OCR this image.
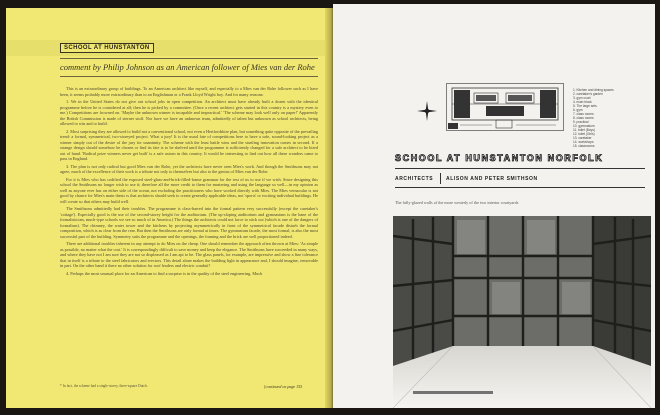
SCHOOL AT HUNSTANTON
comment by Philip Johnson as an American follower of Mies van der Rohe

This is an extraordinary group of buildings. To an American architect like myself, and especially to a Mies van der Rohe follower such as I have been, it seems probably more extraordinary than to an Englishman or a Frank Lloyd Wright boy. And for many reasons:

1. We in the United States do not give out school jobs in open competition. An architect must have already built a dozen with the identical programme before he is considered at all; then he is picked by a committee. (Once a recent architect gets started in this country is a mystery even to me.) Competitions are frowned on. 'Maybe the unknown winner is incapable and impractical.' 'The scheme may look well only on paper!' Apparently the British Commission is made of sterner stuff. Nor have we have an unknown team, admittedly of talent but unknown as school architects, being allowed to win and to build.

2. Most surprising they are allowed to build not a conventional school, not even a Hertfordshire plan, but something quite opposite of the prevailing trend: a formal, symmetrical, two-storeyed project. What a jury! It is the usual fate of competitions here to have a safe, sound-looking project as a winner simply out of the desire of the jury for unanimity. The scheme with the least battle wins and the startling innovation comes in second. If a strange design should somehow be chosen or find its fate is to be shelved until the programme is sufficiently changed for a safe architect to be hired out of hand. 'Radical prize winners never get built' is a safe axiom in this country. It would be interesting to find out how all these wonders came to pass in England.

3. The plan is not only radical but good Mies van der Rohe, yet the architects have never seen Mies's work. And though the Smithsons may not agree, much of the excellence of their work is a tribute not only to themselves but also to the genius of Mies van der Rohe.

For it is Mies who has codified the exposed steel-glass-and-brick-filled-frame grammar for the rest of us to use if we wish. Since designing this school the Smithsons no longer wish to use it; therefore all the more credit to them for mastering and using the language so well—in my opinion as well as anyone ever has on either side of the ocean, not excluding the practitioners who have worked directly with Mies. The Mies vernacular is not good by chance for Mies's main thesis is that architects should seek to create generally applicable ideas, not 'sports' or exciting individual buildings. He will create so that others may build well.

The Smithsons admittedly had their troubles. The programme is class-barred into the formal pattern very successfully (except the caretaker's 'cottage'). Especially good is the use of the second-storey height for the auditorium. (The up-sloping auditorium and gymnasium is the bane of the formalistician, much-type schools we see so much of in America.) The things the architects could not force to stick out (which is one of the dangers of formalism). The chimney, the water tower and the kitchens by projecting asymmetrically in front of the symmetrical facade disturb the formal composition, which is as clear from the rear. But then the Smithsons are only formal at times. The gymnasium facade, the most formal, is also the most successful part of the building. Symmetry suits the programme and the openings, the framing and the brick are well proportioned indeed.

There are additional troubles inherent in any attempt to do Mies on the cheap. One should remember the approach often thrown at Mies: 'As simple as possible, no matter what the cost.' It is correspondingly difficult to save money and keep the elegance. The Smithsons have succeeded in many ways, and where they have not I am sure they are not so displeased as I am apt to be. The glass panels, for example, are impressive and show a fine tolerance that in itself is a tribute to the steel fabricators and erectors. This detail alone makes the building light in appearance and, I should imagine, removable in part. On the other hand it there no other solution for roof leaders and electric conduit?

4. Perhaps the most unusual place for an American to find a surprise is in the quality of the steel engineering. Much

* In fact, the scheme had a single-storey, three-square Dutch.	[continued on page 155
1. Kitchen and dining spaces
2. caretaker's garden
3. gym court
4. main block
5. The large sets
6. gym
7. class rooms
8. class rooms
9. practical
10. gymnasium
11. toilet (Boys)
12. toilet (Girls)
13. caretaker
14. workshops
15. classrooms
SCHOOL AT HUNSTANTON NORFOLK
ARCHITECTS	ALISON AND PETER SMITHSON
The fully-glazed walls of the more westerly of the two interior courtyards
